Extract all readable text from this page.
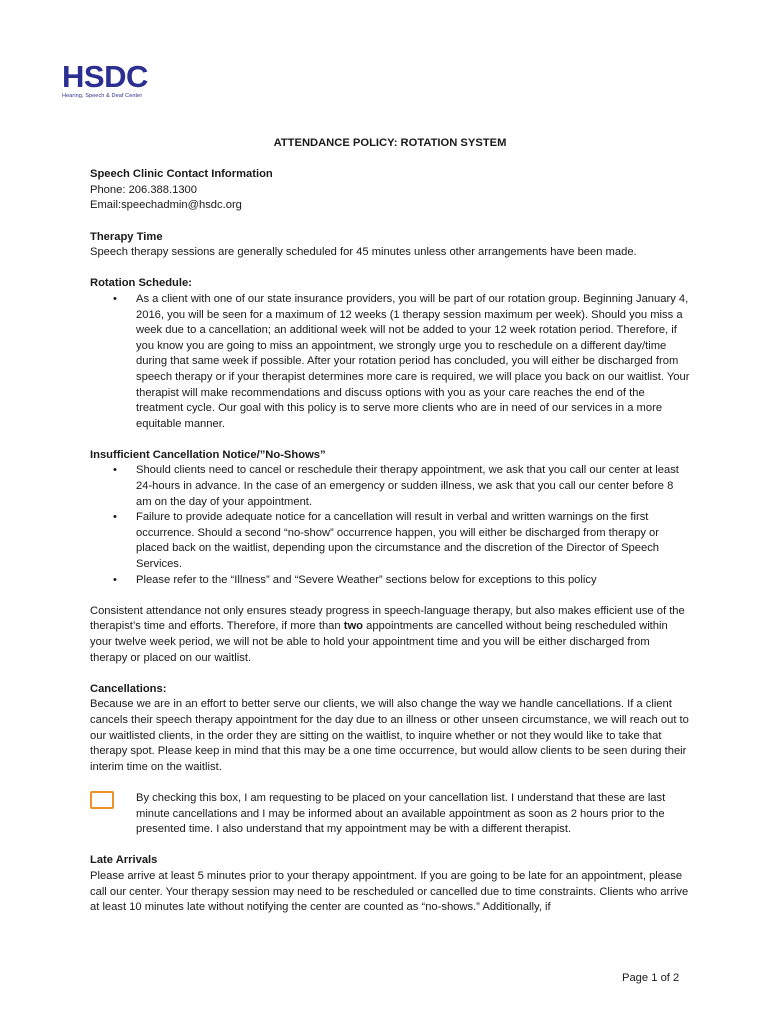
HSDC
Hearing, Speech & Deaf Center

ATTENDANCE POLICY: ROTATION SYSTEM

Speech Clinic Contact Information

Phone: 206.388.1300

Email:speechadmin@hsdc.org

Therapy Time

Speech therapy sessions are generally scheduled for 45 minutes unless other arrangements have been made.

Rotation Schedule:

• As a client with one of our state insurance providers, you will be part of our rotation group. Beginning January 4, 2016, you will be seen for a maximum of 12 weeks (1 therapy session maximum per week). Should you miss a week due to a cancellation; an additional week will not be added to your 12 week rotation period. Therefore, if you know you are going to miss an appointment, we strongly urge you to reschedule on a different day/time during that same week if possible. After your rotation period has concluded, you will either be discharged from speech therapy or if your therapist determines more care is required, we will place you back on our waitlist. Your therapist will make recommendations and discuss options with you as your care reaches the end of the treatment cycle. Our goal with this policy is to serve more clients who are in need of our services in a more equitable manner.

Insufficient Cancellation Notice/”No-Shows”

• Should clients need to cancel or reschedule their therapy appointment, we ask that you call our center at least 24-hours in advance. In the case of an emergency or sudden illness, we ask that you call our center before 8 am on the day of your appointment.
• Failure to provide adequate notice for a cancellation will result in verbal and written warnings on the first occurrence. Should a second “no-show” occurrence happen, you will either be discharged from therapy or placed back on the waitlist, depending upon the circumstance and the discretion of the Director of Speech Services.
• Please refer to the “Illness” and “Severe Weather” sections below for exceptions to this policy

Consistent attendance not only ensures steady progress in speech-language therapy, but also makes efficient use of the therapist’s time and efforts. Therefore, if more than two appointments are cancelled without being rescheduled within your twelve week period, we will not be able to hold your appointment time and you will be either discharged from therapy or placed on our waitlist.

Cancellations:

Because we are in an effort to better serve our clients, we will also change the way we handle cancellations. If a client cancels their speech therapy appointment for the day due to an illness or other unseen circumstance, we will reach out to our waitlisted clients, in the order they are sitting on the waitlist, to inquire whether or not they would like to take that therapy spot. Please keep in mind that this may be a one time occurrence, but would allow clients to be seen during their interim time on the waitlist.

By checking this box, I am requesting to be placed on your cancellation list. I understand that these are last minute cancellations and I may be informed about an available appointment as soon as 2 hours prior to the presented time. I also understand that my appointment may be with a different therapist.

Late Arrivals

Please arrive at least 5 minutes prior to your therapy appointment. If you are going to be late for an appointment, please call our center. Your therapy session may need to be rescheduled or cancelled due to time constraints. Clients who arrive at least 10 minutes late without notifying the center are counted as “no-shows.” Additionally, if

Page 1 of 2
